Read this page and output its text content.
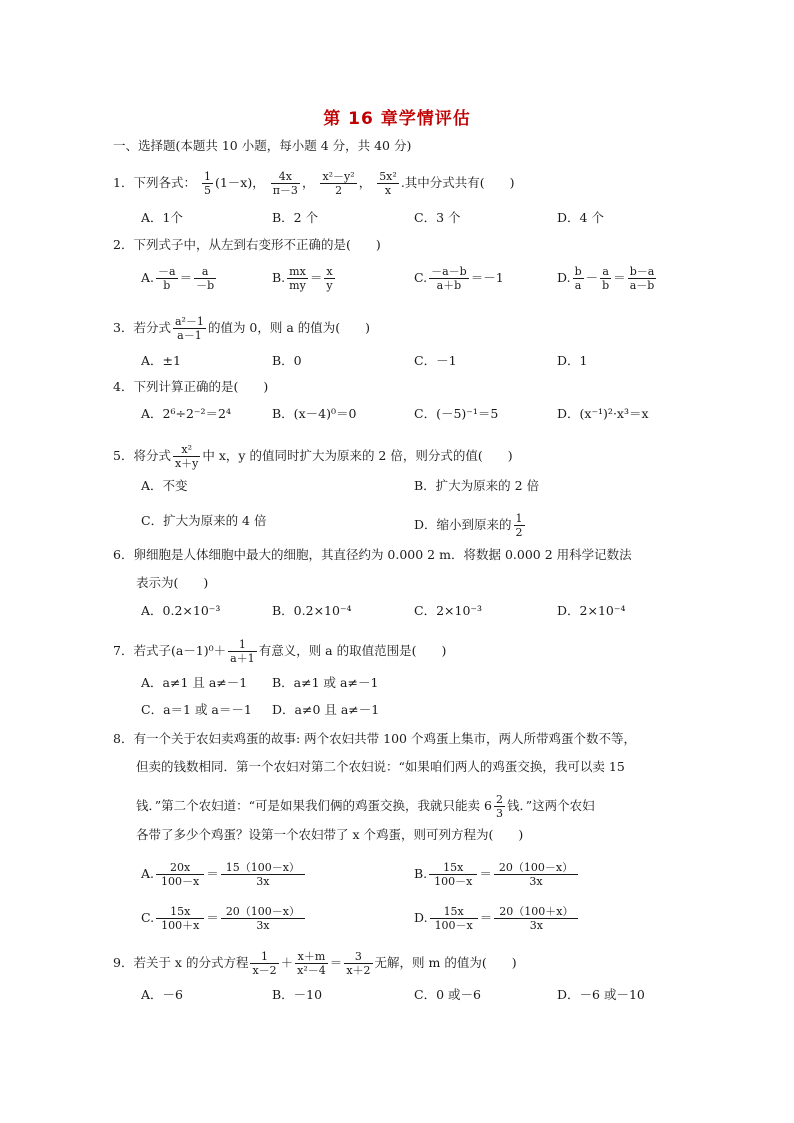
第 16 章学情评估
一、选择题(本题共 10 小题，每小题 4 分，共 40 分)
1．下列各式： $\frac{1}{5} (1-x)$， $\frac{4x}{\pi-3}$ ， $\frac{\text{x²－y²}}{2}$ ， $\frac{\text{5x²}}{x}$ .其中分式共有(　　)
A．1个	B．2 个	C．3 个	D．4 个
2．下列式子中，从左到右变形不正确的是(　　)
A. $\frac{-a}{b} = \frac{a}{-b}$	B. $\frac{mx}{my} = \frac{x}{y}$	C. $\frac{-a-b}{a+b} =-1$	D. $\frac{b}{a} - \frac{a}{b} = \frac{b-a}{a-b}$
3．若分式 $\frac{\text{a²－1}}{a-1}$ 的值为 0，则 a 的值为(　　)
A．±1	B．0	C．－1	D．1
4．下列计算正确的是(　　)
A．2⁶÷2⁻²＝2⁴	B．(x－4)⁰＝0	C．(－5)⁻¹＝5	D．(x⁻¹)²·x³＝x
5．将分式 $\frac{\text{x²}}{x+y}$ 中 x，y 的值同时扩大为原来的 2 倍，则分式的值(　　)
A．不变	B．扩大为原来的 2 倍
C．扩大为原来的 4 倍	D．缩小到原来的 $\frac{1}{2}$
6．卵细胞是人体细胞中最大的细胞，其直径约为 0.000 2 m．将数据 0.000 2 用科学记数法
表示为(　　)
A．0.2×10⁻³	B．0.2×10⁻⁴	C．2×10⁻³	D．2×10⁻⁴
7．若式子$(a-1)^0+ \frac{1}{a+1}$ 有意义，则 a 的取值范围是(　　)
A．a≠1 且 a≠－1 B．a≠1 或 a≠－1
C．a＝1 或 a＝－1 D．a≠0 且 a≠－1
8．有一个关于农妇卖鸡蛋的故事: 两个农妇共带 100 个鸡蛋上集市，两人所带鸡蛋个数不等，
但卖的钱数相同．第一个农妇对第二个农妇说：“如果咱们两人的鸡蛋交换，我可以卖 15
钱．”第二个农妇道：“可是如果我们俩的鸡蛋交换，我就只能卖 $6 \frac{2}{3}$ 钱．”这两个农妇
各带了多少个鸡蛋？设第一个农妇带了 x 个鸡蛋，则可列方程为(　　)
A. $\frac{20x}{100-x} = \frac{15(100-x)}{3x}$	B. $\frac{15x}{100-x} = \frac{20(100-x)}{3x}$
C. $\frac{15x}{100+x} = \frac{20(100-x)}{3x}$	D. $\frac{15x}{100-x} = \frac{20(100+x)}{3x}$
9．若关于 x 的分式方程 $\frac{1}{x-2} + \frac{x+m}{\text{x²－4}} = \frac{3}{x+2}$ 无解，则 m 的值为(　　)
A．－6	B．－10	C．0 或－6	D．－6 或－10
